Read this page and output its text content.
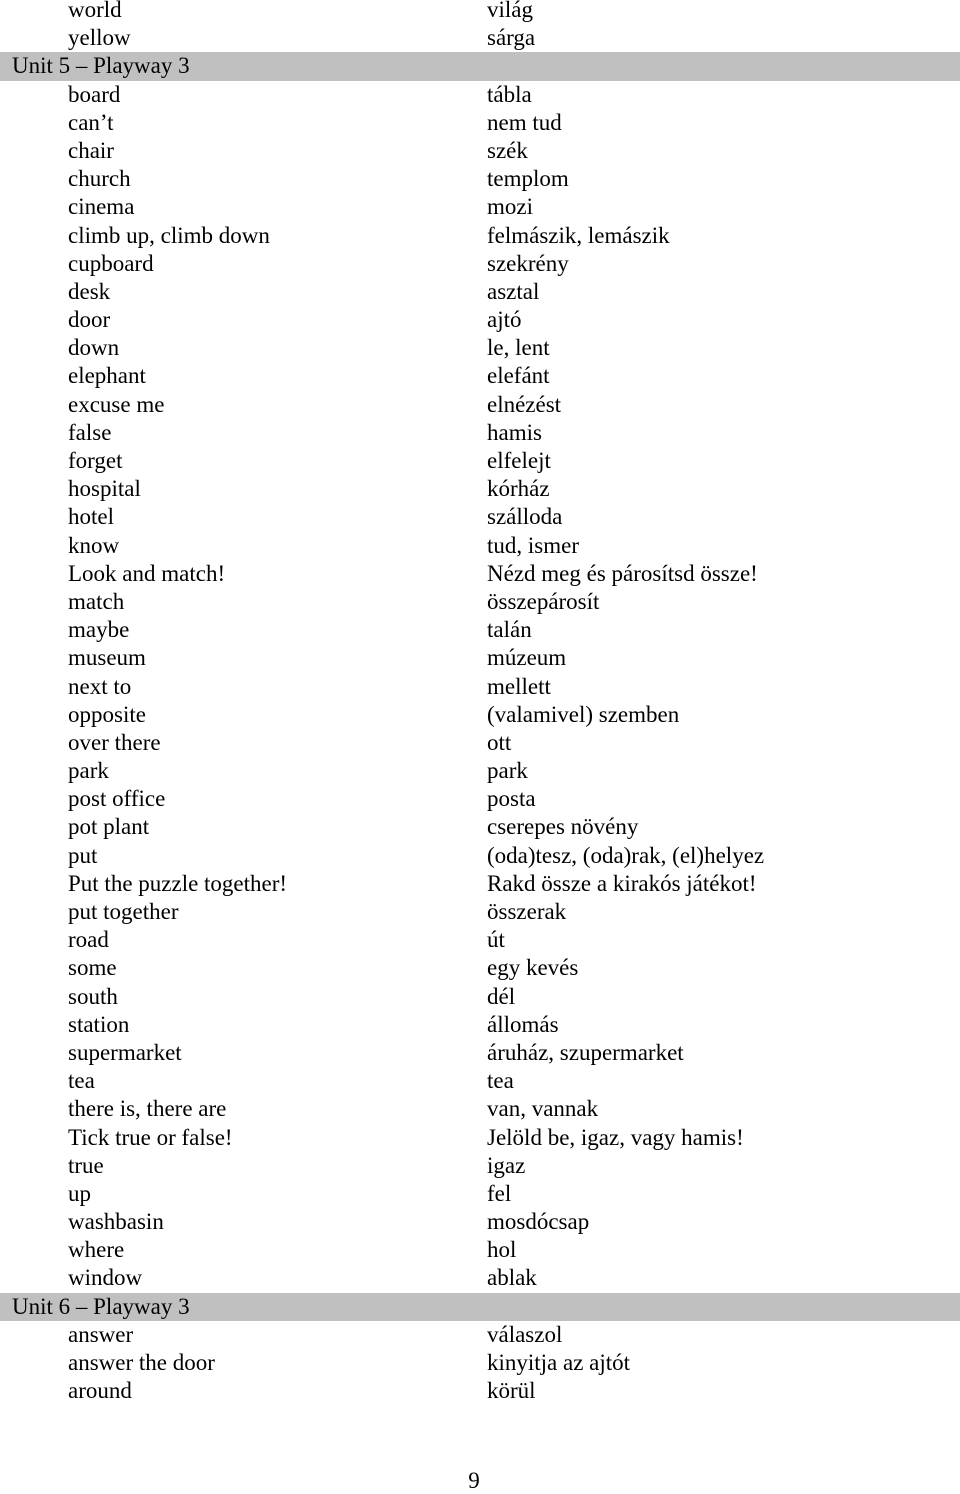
world	világ
yellow	sárga
Unit 5 – Playway 3
board	tábla
can’t	nem tud
chair	szék
church	templom
cinema	mozi
climb up, climb down	felmászik, lemászik
cupboard	szekrény
desk	asztal
door	ajtó
down	le, lent
elephant	elefánt
excuse me	elnézést
false	hamis
forget	elfelejt
hospital	kórház
hotel	szálloda
know	tud, ismer
Look and match!	Nézd meg és párosítsd össze!
match	összepárosít
maybe	talán
museum	múzeum
next to	mellett
opposite	(valamivel) szemben
over there	ott
park	park
post office	posta
pot plant	cserepes növény
put	(oda)tesz, (oda)rak, (el)helyez
Put the puzzle together!	Rakd össze a kirakós játékot!
put together	összerak
road	út
some	egy kevés
south	dél
station	állomás
supermarket	áruház, szupermarket
tea	tea
there is, there are	van, vannak
Tick true or false!	Jelöld be, igaz, vagy hamis!
true	igaz
up	fel
washbasin	mosdócsap
where	hol
window	ablak
Unit 6 – Playway 3
answer	válaszol
answer the door	kinyitja az ajtót
around	körül
9
